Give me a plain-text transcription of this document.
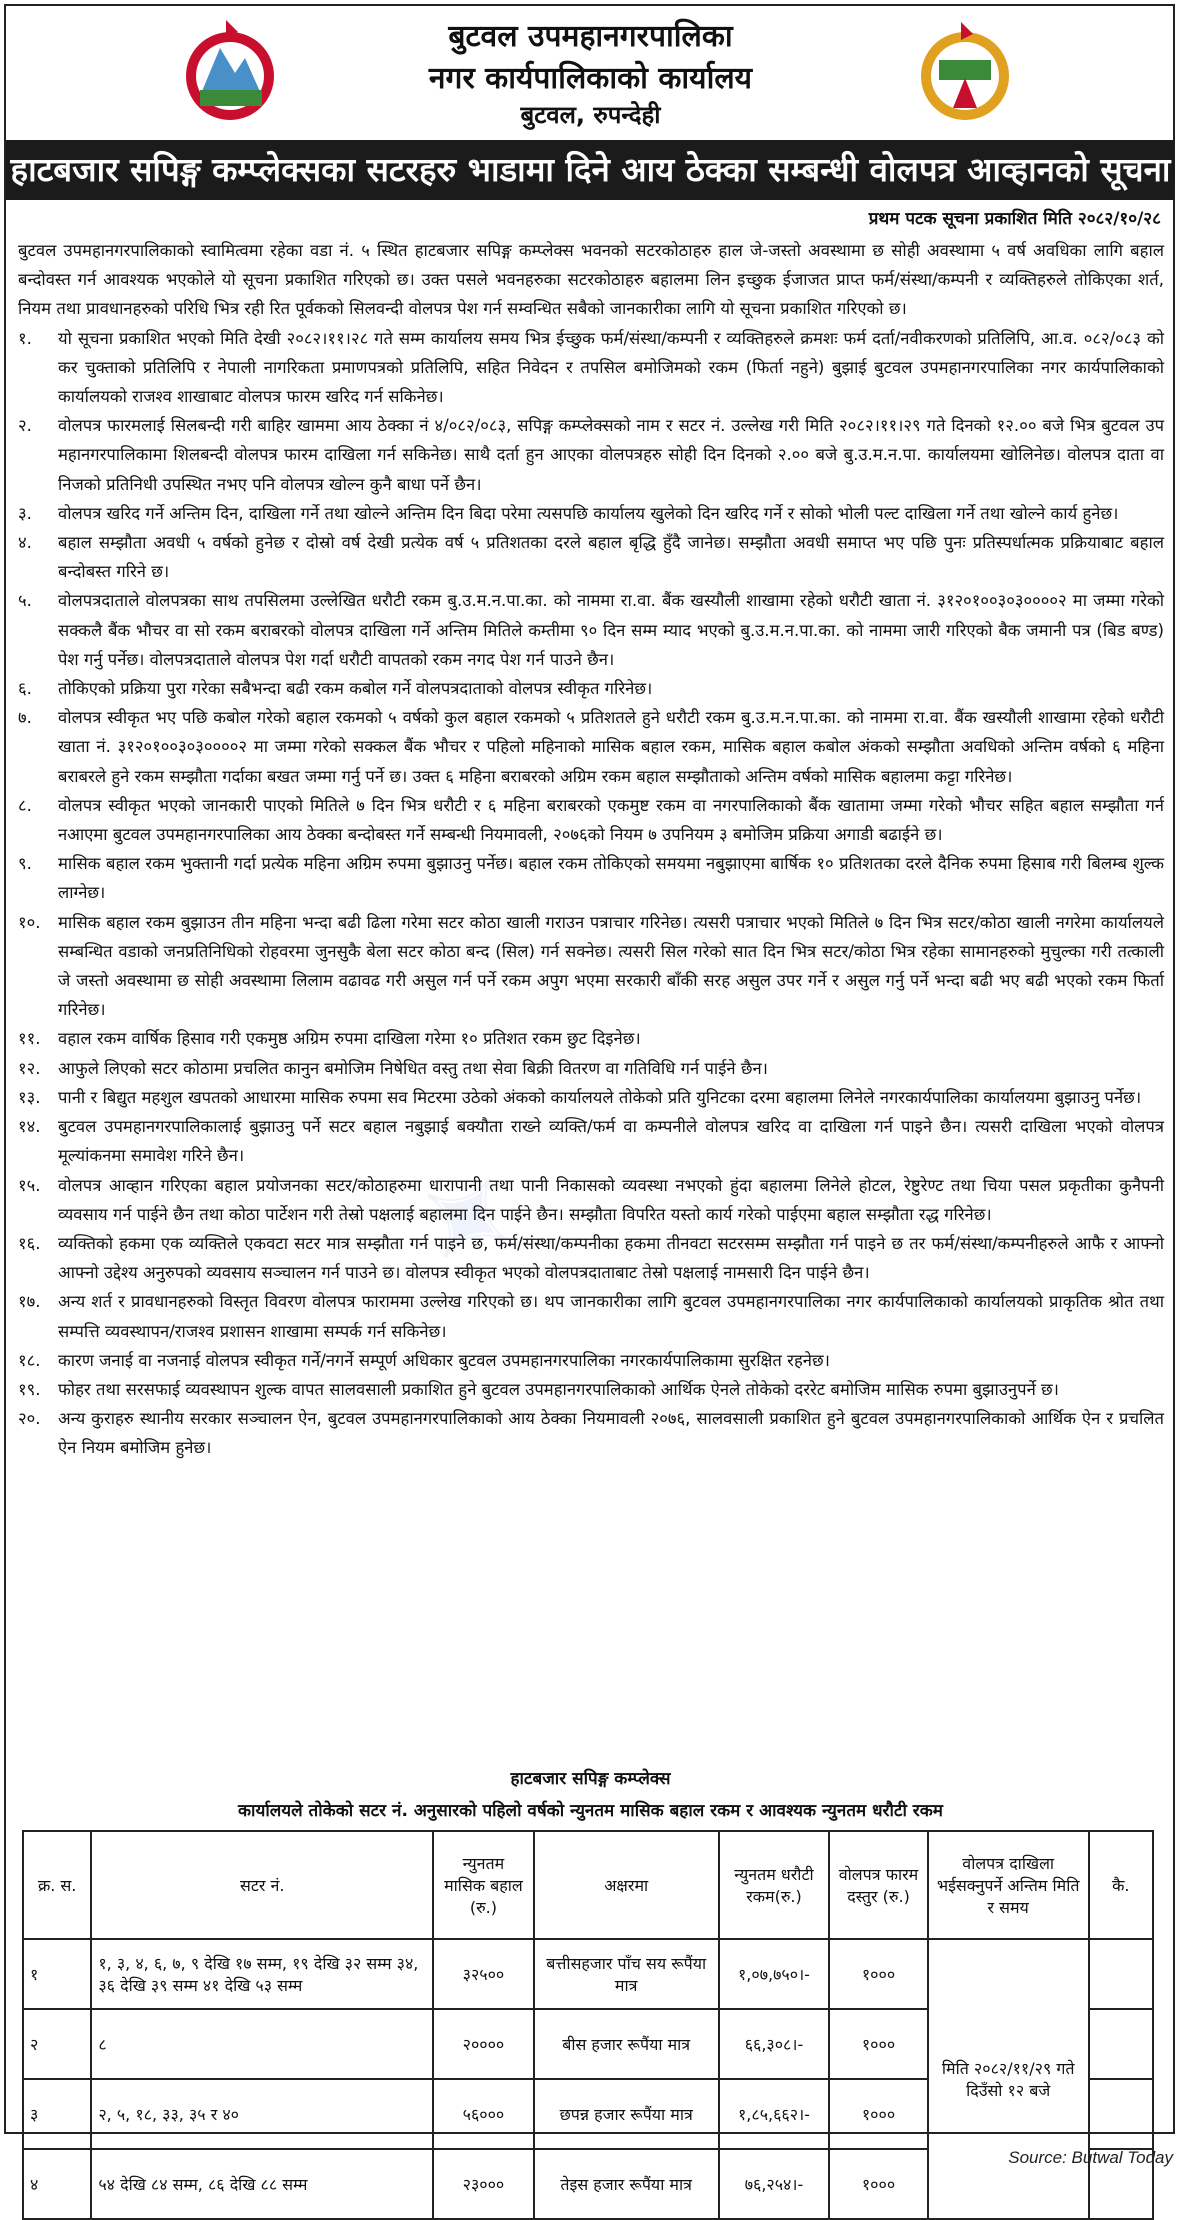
✦
बुटवल उपमहानगरपालिका
नगर कार्यपालिकाको कार्यालय
बुटवल, रुपन्देही
हाटबजार सपिङ्ग कम्प्लेक्सका सटरहरु भाडामा दिने आय ठेक्का सम्बन्धी वोलपत्र आव्हानको सूचना
प्रथम पटक सूचना प्रकाशित मिति २०८२/१०/२८

बुटवल उपमहानगरपालिकाको स्वामित्वमा रहेका वडा नं. ५ स्थित हाटबजार सपिङ्ग कम्प्लेक्स भवनको सटरकोठाहरु हाल जे-जस्तो अवस्थामा छ सोही अवस्थामा ५ वर्ष अवधिका लागि बहाल बन्दोवस्त गर्न आवश्यक भएकोले यो सूचना प्रकाशित गरिएको छ। उक्त पसले भवनहरुका सटरकोठाहरु बहालमा लिन इच्छुक ईजाजत प्राप्त फर्म/संस्था/कम्पनी र व्यक्तिहरुले तोकिएका शर्त, नियम तथा प्रावधानहरुको परिधि भित्र रही रित पूर्वकको सिलवन्दी वोलपत्र पेश गर्न सम्वन्धित सबैको जानकारीका लागि यो सूचना प्रकाशित गरिएको छ।

१.	यो सूचना प्रकाशित भएको मिति देखी २०८२।११।२८ गते सम्म कार्यालय समय भित्र ईच्छुक फर्म/संस्था/कम्पनी र व्यक्तिहरुले क्रमशः फर्म दर्ता/नवीकरणको प्रतिलिपि, आ.व. ०८२/०८३ को कर चुक्ताको प्रतिलिपि र नेपाली नागरिकता प्रमाणपत्रको प्रतिलिपि, सहित निवेदन र तपसिल बमोजिमको रकम (फिर्ता नहुने) बुझाई बुटवल उपमहानगरपालिका नगर कार्यपालिकाको कार्यालयको राजश्व शाखाबाट वोलपत्र फारम खरिद गर्न सकिनेछ।
२.	वोलपत्र फारमलाई सिलबन्दी गरी बाहिर खाममा आय ठेक्का नं ४/०८२/०८३, सपिङ्ग कम्प्लेक्सको नाम र सटर नं. उल्लेख गरी मिति २०८२।११।२९ गते दिनको १२.०० बजे भित्र बुटवल उप महानगरपालिकामा शिलबन्दी वोलपत्र फारम दाखिला गर्न सकिनेछ। साथै दर्ता हुन आएका वोलपत्रहरु सोही दिन दिनको २.०० बजे बु.उ.म.न.पा. कार्यालयमा खोलिनेछ। वोलपत्र दाता वा निजको प्रतिनिधी उपस्थित नभए पनि वोलपत्र खोल्न कुनै बाधा पर्ने छैन।
३.	वोलपत्र खरिद गर्ने अन्तिम दिन, दाखिला गर्ने तथा खोल्ने अन्तिम दिन बिदा परेमा त्यसपछि कार्यालय खुलेको दिन खरिद गर्ने र सोको भोली पल्ट दाखिला गर्ने तथा खोल्ने कार्य हुनेछ।
४.	बहाल सम्झौता अवधी ५ वर्षको हुनेछ र दोस्रो वर्ष देखी प्रत्येक वर्ष ५ प्रतिशतका दरले बहाल बृद्धि हुँदै जानेछ। सम्झौता अवधी समाप्त भए पछि पुनः प्रतिस्पर्धात्मक प्रक्रियाबाट बहाल बन्दोबस्त गरिने छ।
५.	वोलपत्रदाताले वोलपत्रका साथ तपसिलमा उल्लेखित धरौटी रकम बु.उ.म.न.पा.का. को नाममा रा.वा. बैंक खस्यौली शाखामा रहेको धरौटी खाता नं. ३१२०१००३०३००००२ मा जम्मा गरेको सक्कलै बैंक भौचर वा सो रकम बराबरको वोलपत्र दाखिला गर्ने अन्तिम मितिले कम्तीमा ९० दिन सम्म म्याद भएको बु.उ.म.न.पा.का. को नाममा जारी गरिएको बैक जमानी पत्र (बिड बण्ड) पेश गर्नु पर्नेछ। वोलपत्रदाताले वोलपत्र पेश गर्दा धरौटी वापतको रकम नगद पेश गर्न पाउने छैन।
६.	तोकिएको प्रक्रिया पुरा गरेका सबैभन्दा बढी रकम कबोल गर्ने वोलपत्रदाताको वोलपत्र स्वीकृत गरिनेछ।
७.	वोलपत्र स्वीकृत भए पछि कबोल गरेको बहाल रकमको ५ वर्षको कुल बहाल रकमको ५ प्रतिशतले हुने धरौटी रकम बु.उ.म.न.पा.का. को नाममा रा.वा. बैंक खस्यौली शाखामा रहेको धरौटी खाता नं. ३१२०१००३०३००००२ मा जम्मा गरेको सक्कल बैंक भौचर र पहिलो महिनाको मासिक बहाल रकम, मासिक बहाल कबोल अंकको सम्झौता अवधिको अन्तिम वर्षको ६ महिना बराबरले हुने रकम सम्झौता गर्दाका बखत जम्मा गर्नु पर्ने छ। उक्त ६ महिना बराबरको अग्रिम रकम बहाल सम्झौताको अन्तिम वर्षको मासिक बहालमा कट्टा गरिनेछ।
८.	वोलपत्र स्वीकृत भएको जानकारी पाएको मितिले ७ दिन भित्र धरौटी र ६ महिना बराबरको एकमुष्ट रकम वा नगरपालिकाको बैंक खातामा जम्मा गरेको भौचर सहित बहाल सम्झौता गर्न नआएमा बुटवल उपमहानगरपालिका आय ठेक्का बन्दोबस्त गर्ने सम्बन्धी नियमावली, २०७६को नियम ७ उपनियम ३ बमोजिम प्रक्रिया अगाडी बढाईने छ।
९.	मासिक बहाल रकम भुक्तानी गर्दा प्रत्येक महिना अग्रिम रुपमा बुझाउनु पर्नेछ। बहाल रकम तोकिएको समयमा नबुझाएमा बार्षिक १० प्रतिशतका दरले दैनिक रुपमा हिसाब गरी बिलम्ब शुल्क लाग्नेछ।
१०.	मासिक बहाल रकम बुझाउन तीन महिना भन्दा बढी ढिला गरेमा सटर कोठा खाली गराउन पत्राचार गरिनेछ। त्यसरी पत्राचार भएको मितिले ७ दिन भित्र सटर/कोठा खाली नगरेमा कार्यालयले सम्बन्धित वडाको जनप्रतिनिधिको रोहवरमा जुनसुकै बेला सटर कोठा बन्द (सिल) गर्न सक्नेछ। त्यसरी सिल गरेको सात दिन भित्र सटर/कोठा भित्र रहेका सामानहरुको मुचुल्का गरी तत्काली जे जस्तो अवस्थामा छ सोही अवस्थामा लिलाम वढावढ गरी असुल गर्न पर्ने रकम अपुग भएमा सरकारी बाँकी सरह असुल उपर गर्ने र असुल गर्नु पर्ने भन्दा बढी भए बढी भएको रकम फिर्ता गरिनेछ।
११.	वहाल रकम वार्षिक हिसाव गरी एकमुष्ठ अग्रिम रुपमा दाखिला गरेमा १० प्रतिशत रकम छुट दिइनेछ।
१२.	आफुले लिएको सटर कोठामा प्रचलित कानुन बमोजिम निषेधित वस्तु तथा सेवा बिक्री वितरण वा गतिविधि गर्न पाईने छैन।
१३.	पानी र बिद्युत महशुल खपतको आधारमा मासिक रुपमा सव मिटरमा उठेको अंकको कार्यालयले तोकेको प्रति युनिटका दरमा बहालमा लिनेले नगरकार्यपालिका कार्यालयमा बुझाउनु पर्नेछ।
१४.	बुटवल उपमहानगरपालिकालाई बुझाउनु पर्ने सटर बहाल नबुझाई बक्यौता राख्ने व्यक्ति/फर्म वा कम्पनीले वोलपत्र खरिद वा दाखिला गर्न पाइने छैन। त्यसरी दाखिला भएको वोलपत्र मूल्यांकनमा समावेश गरिने छैन।
१५.	वोलपत्र आव्हान गरिएका बहाल प्रयोजनका सटर/कोठाहरुमा धारापानी तथा पानी निकासको व्यवस्था नभएको हुंदा बहालमा लिनेले होटल, रेष्टुरेण्ट तथा चिया पसल प्रकृतीका कुनैपनी व्यवसाय गर्न पाईने छैन तथा कोठा पार्टेशन गरी तेस्रो पक्षलाई बहालमा दिन पाईने छैन। सम्झौता विपरित यस्तो कार्य गरेको पाईएमा बहाल सम्झौता रद्ध गरिनेछ।
१६.	व्यक्तिको हकमा एक व्यक्तिले एकवटा सटर मात्र सम्झौता गर्न पाइने छ, फर्म/संस्था/कम्पनीका हकमा तीनवटा सटरसम्म सम्झौता गर्न पाइने छ तर फर्म/संस्था/कम्पनीहरुले आफै र आफ्नो आफ्नो उद्देश्य अनुरुपको व्यवसाय सञ्चालन गर्न पाउने छ। वोलपत्र स्वीकृत भएको वोलपत्रदाताबाट तेस्रो पक्षलाई नामसारी दिन पाईने छैन।
१७.	अन्य शर्त र प्रावधानहरुको विस्तृत विवरण वोलपत्र फाराममा उल्लेख गरिएको छ। थप जानकारीका लागि बुटवल उपमहानगरपालिका नगर कार्यपालिकाको कार्यालयको प्राकृतिक श्रोत तथा सम्पत्ति व्यवस्थापन/राजश्व प्रशासन शाखामा सम्पर्क गर्न सकिनेछ।
१८.	कारण जनाई वा नजनाई वोलपत्र स्वीकृत गर्ने/नगर्ने सम्पूर्ण अधिकार बुटवल उपमहानगरपालिका नगरकार्यपालिकामा सुरक्षित रहनेछ।
१९.	फोहर तथा सरसफाई व्यवस्थापन शुल्क वापत सालवसाली प्रकाशित हुने बुटवल उपमहानगरपालिकाको आर्थिक ऐनले तोकेको दररेट बमोजिम मासिक रुपमा बुझाउनुपर्ने छ।
२०.	अन्य कुराहरु स्थानीय सरकार सञ्चालन ऐन, बुटवल उपमहानगरपालिकाको आय ठेक्का नियमावली २०७६, सालवसाली प्रकाशित हुने बुटवल उपमहानगरपालिकाको आर्थिक ऐन र प्रचलित ऐन नियम बमोजिम हुनेछ।
हाटबजार सपिङ्ग कम्प्लेक्स
कार्यालयले तोकेको सटर नं. अनुसारको पहिलो वर्षको न्युनतम मासिक बहाल रकम र आवश्यक न्युनतम धरौटी रकम
क्र. स.	सटर नं.	न्युनतम मासिक बहाल (रु.)	अक्षरमा	न्युनतम धरौटी रकम(रु.)	वोलपत्र फारम दस्तुर (रु.)	वोलपत्र दाखिला भईसक्नुपर्ने अन्तिम मिति र समय	कै.
१	१, ३, ४, ६, ७, ९ देखि १७ सम्म, १९ देखि ३२ सम्म ३४, ३६ देखि ३९ सम्म ४१ देखि ५३ सम्म	३२५००	बत्तीसहजार पाँच सय रूपैंया मात्र	१,०७,७५०।-	१०००	मिति २०८२/११/२९ गते दिउँसो १२ बजे	
२	८	२००००	बीस हजार रूपैंया मात्र	६६,३०८।-	१०००		
३	२, ५, १८, ३३, ३५ र ४०	५६०००	छपन्न हजार रूपैंया मात्र	१,८५,६६२।-	१०००		
४	५४ देखि ८४ सम्म, ८६ देखि ८८ सम्म	२३०००	तेइस हजार रूपैंया मात्र	७६,२५४।-	१०००		
Source: Butwal Today
